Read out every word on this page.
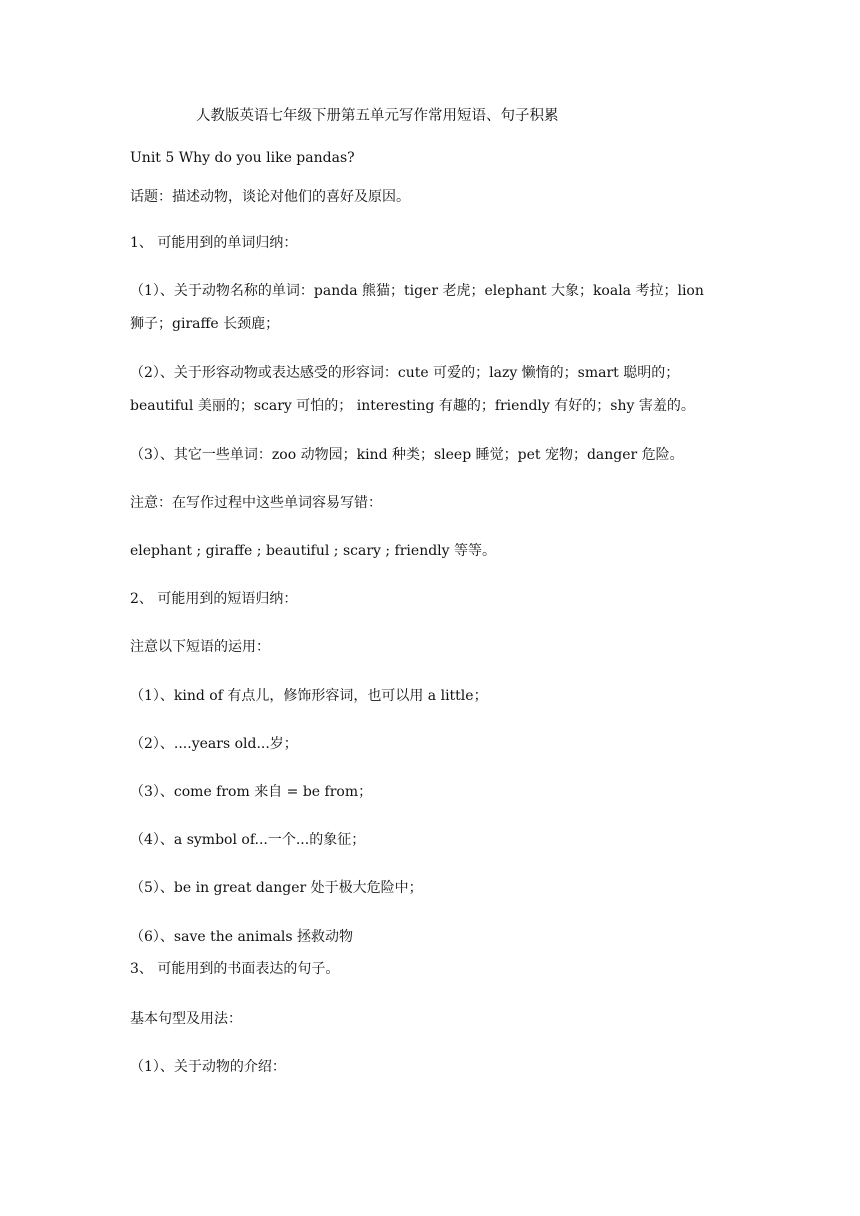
人教版英语七年级下册第五单元写作常用短语、句子积累
Unit 5 Why do you like pandas?
话题：描述动物，谈论对他们的喜好及原因。
1、 可能用到的单词归纳：
（1）、关于动物名称的单词：panda 熊猫；tiger 老虎；elephant 大象；koala 考拉；lion
狮子；giraffe 长颈鹿；
（2）、关于形容动物或表达感受的形容词：cute 可爱的；lazy 懒惰的；smart 聪明的；
beautiful 美丽的；scary 可怕的； interesting 有趣的；friendly 有好的；shy 害羞的。
（3）、其它一些单词：zoo 动物园；kind 种类；sleep 睡觉；pet 宠物；danger 危险。
注意：在写作过程中这些单词容易写错：
elephant ; giraffe ; beautiful ; scary ; friendly 等等。
2、 可能用到的短语归纳：
注意以下短语的运用：
（1）、kind of 有点儿，修饰形容词，也可以用 a little；
（2）、....years old...岁；
（3）、come from 来自 = be from；
（4）、a symbol of...一个...的象征；
（5）、be in great danger 处于极大危险中；
（6）、save the animals 拯救动物
3、 可能用到的书面表达的句子。
基本句型及用法：
（1）、关于动物的介绍：
